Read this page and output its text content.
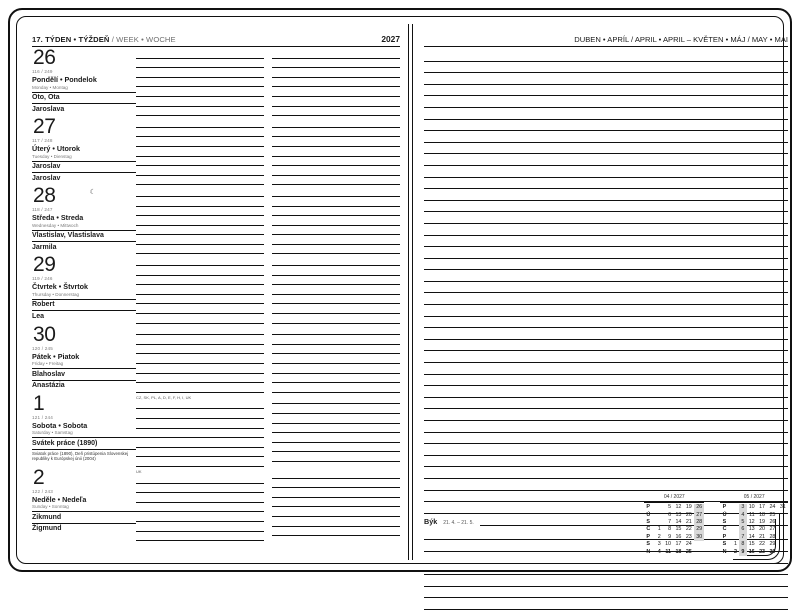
17. TÝDEN • TÝŽDEŇ / WEEK • WOCHE	2027
26
116 / 249
Pondělí • Pondelok
Monday • Montag
Oto, Ota
Jaroslava
27
117 / 248
Úterý • Utorok
Tuesday • Dienstag
Jaroslav
Jaroslav
28	☾
118 / 247
Středa • Streda
Wednesday • Mittwoch
Vlastislav, Vlastislava
Jarmila
29
119 / 246
Čtvrtek • Štvrtok
Thursday • Donnerstag
Robert
Lea
30
120 / 245
Pátek • Piatok
Friday • Freitag
Blahoslav
Anastázia
1
121 / 244
Sobota • Sobota
Saturday • Samstag
Svátek práce (1890)
Sviatok práce (1890), Deň pristúpenia Slovenskej republiky k Európskej únii (2004)
CZ, SK, PL, A, D, E, F, H, I, UK
2
122 / 243
Neděle • Nedeľa
Sunday • Sonntag
Zikmund
Žigmund
UK
DUBEN • APRÍL / APRIL • APRIL – KVĚTEN • MÁJ / MAY • MAI
Býk 21. 4. – 21. 5.
04 / 2027
P		5	12	19	26
Ú		6	13	20	27
S		7	14	21	28
Č	1	8	15	22	29
P	2	9	16	23	30
S	3	10	17	24	
N	4	11	18	25	
05 / 2027
P		3	10	17	24	31
Ú		4	11	18	25	
S		5	12	19	26	
Č		6	13	20	27	
P		7	14	21	28	
S	1	8	15	22	29	
N	2	9	16	23	30	
